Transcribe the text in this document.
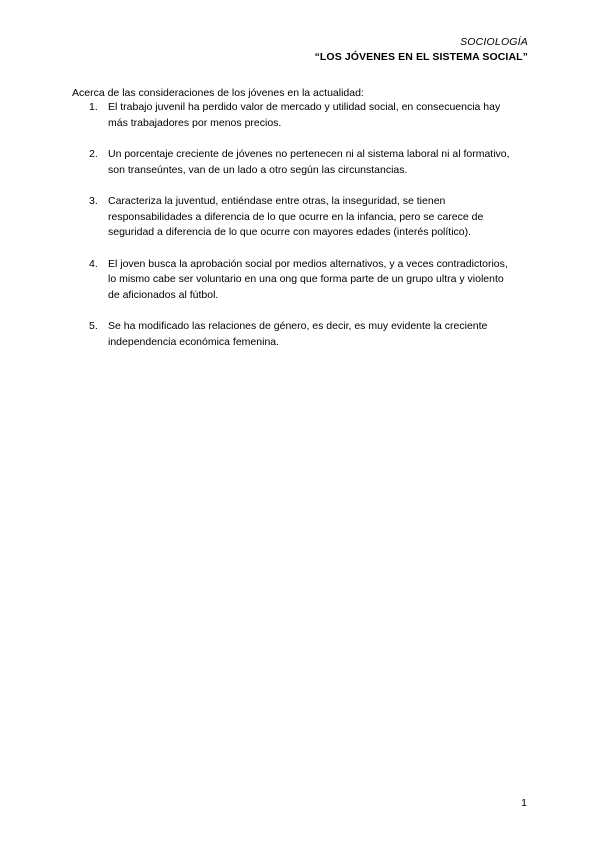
SOCIOLOGÍA
“LOS JÓVENES EN EL SISTEMA SOCIAL”
Acerca de las consideraciones de los jóvenes en la actualidad:
1. El trabajo juvenil ha perdido valor de mercado y utilidad social, en consecuencia hay más trabajadores por menos precios.
2. Un porcentaje creciente de jóvenes no pertenecen ni al sistema laboral ni al formativo, son transeúntes, van de un lado a otro según las circunstancias.
3. Caracteriza la juventud, entiéndase entre otras, la inseguridad, se tienen responsabilidades a diferencia de lo que ocurre en la infancia, pero se carece de seguridad a diferencia de lo que ocurre con mayores edades (interés político).
4. El joven busca la aprobación social por medios alternativos, y a veces contradictorios, lo mismo cabe ser voluntario en una ong que forma parte de un grupo ultra y violento de aficionados al fútbol.
5. Se ha modificado las relaciones de género, es decir, es muy evidente la creciente independencia económica femenina.
1
